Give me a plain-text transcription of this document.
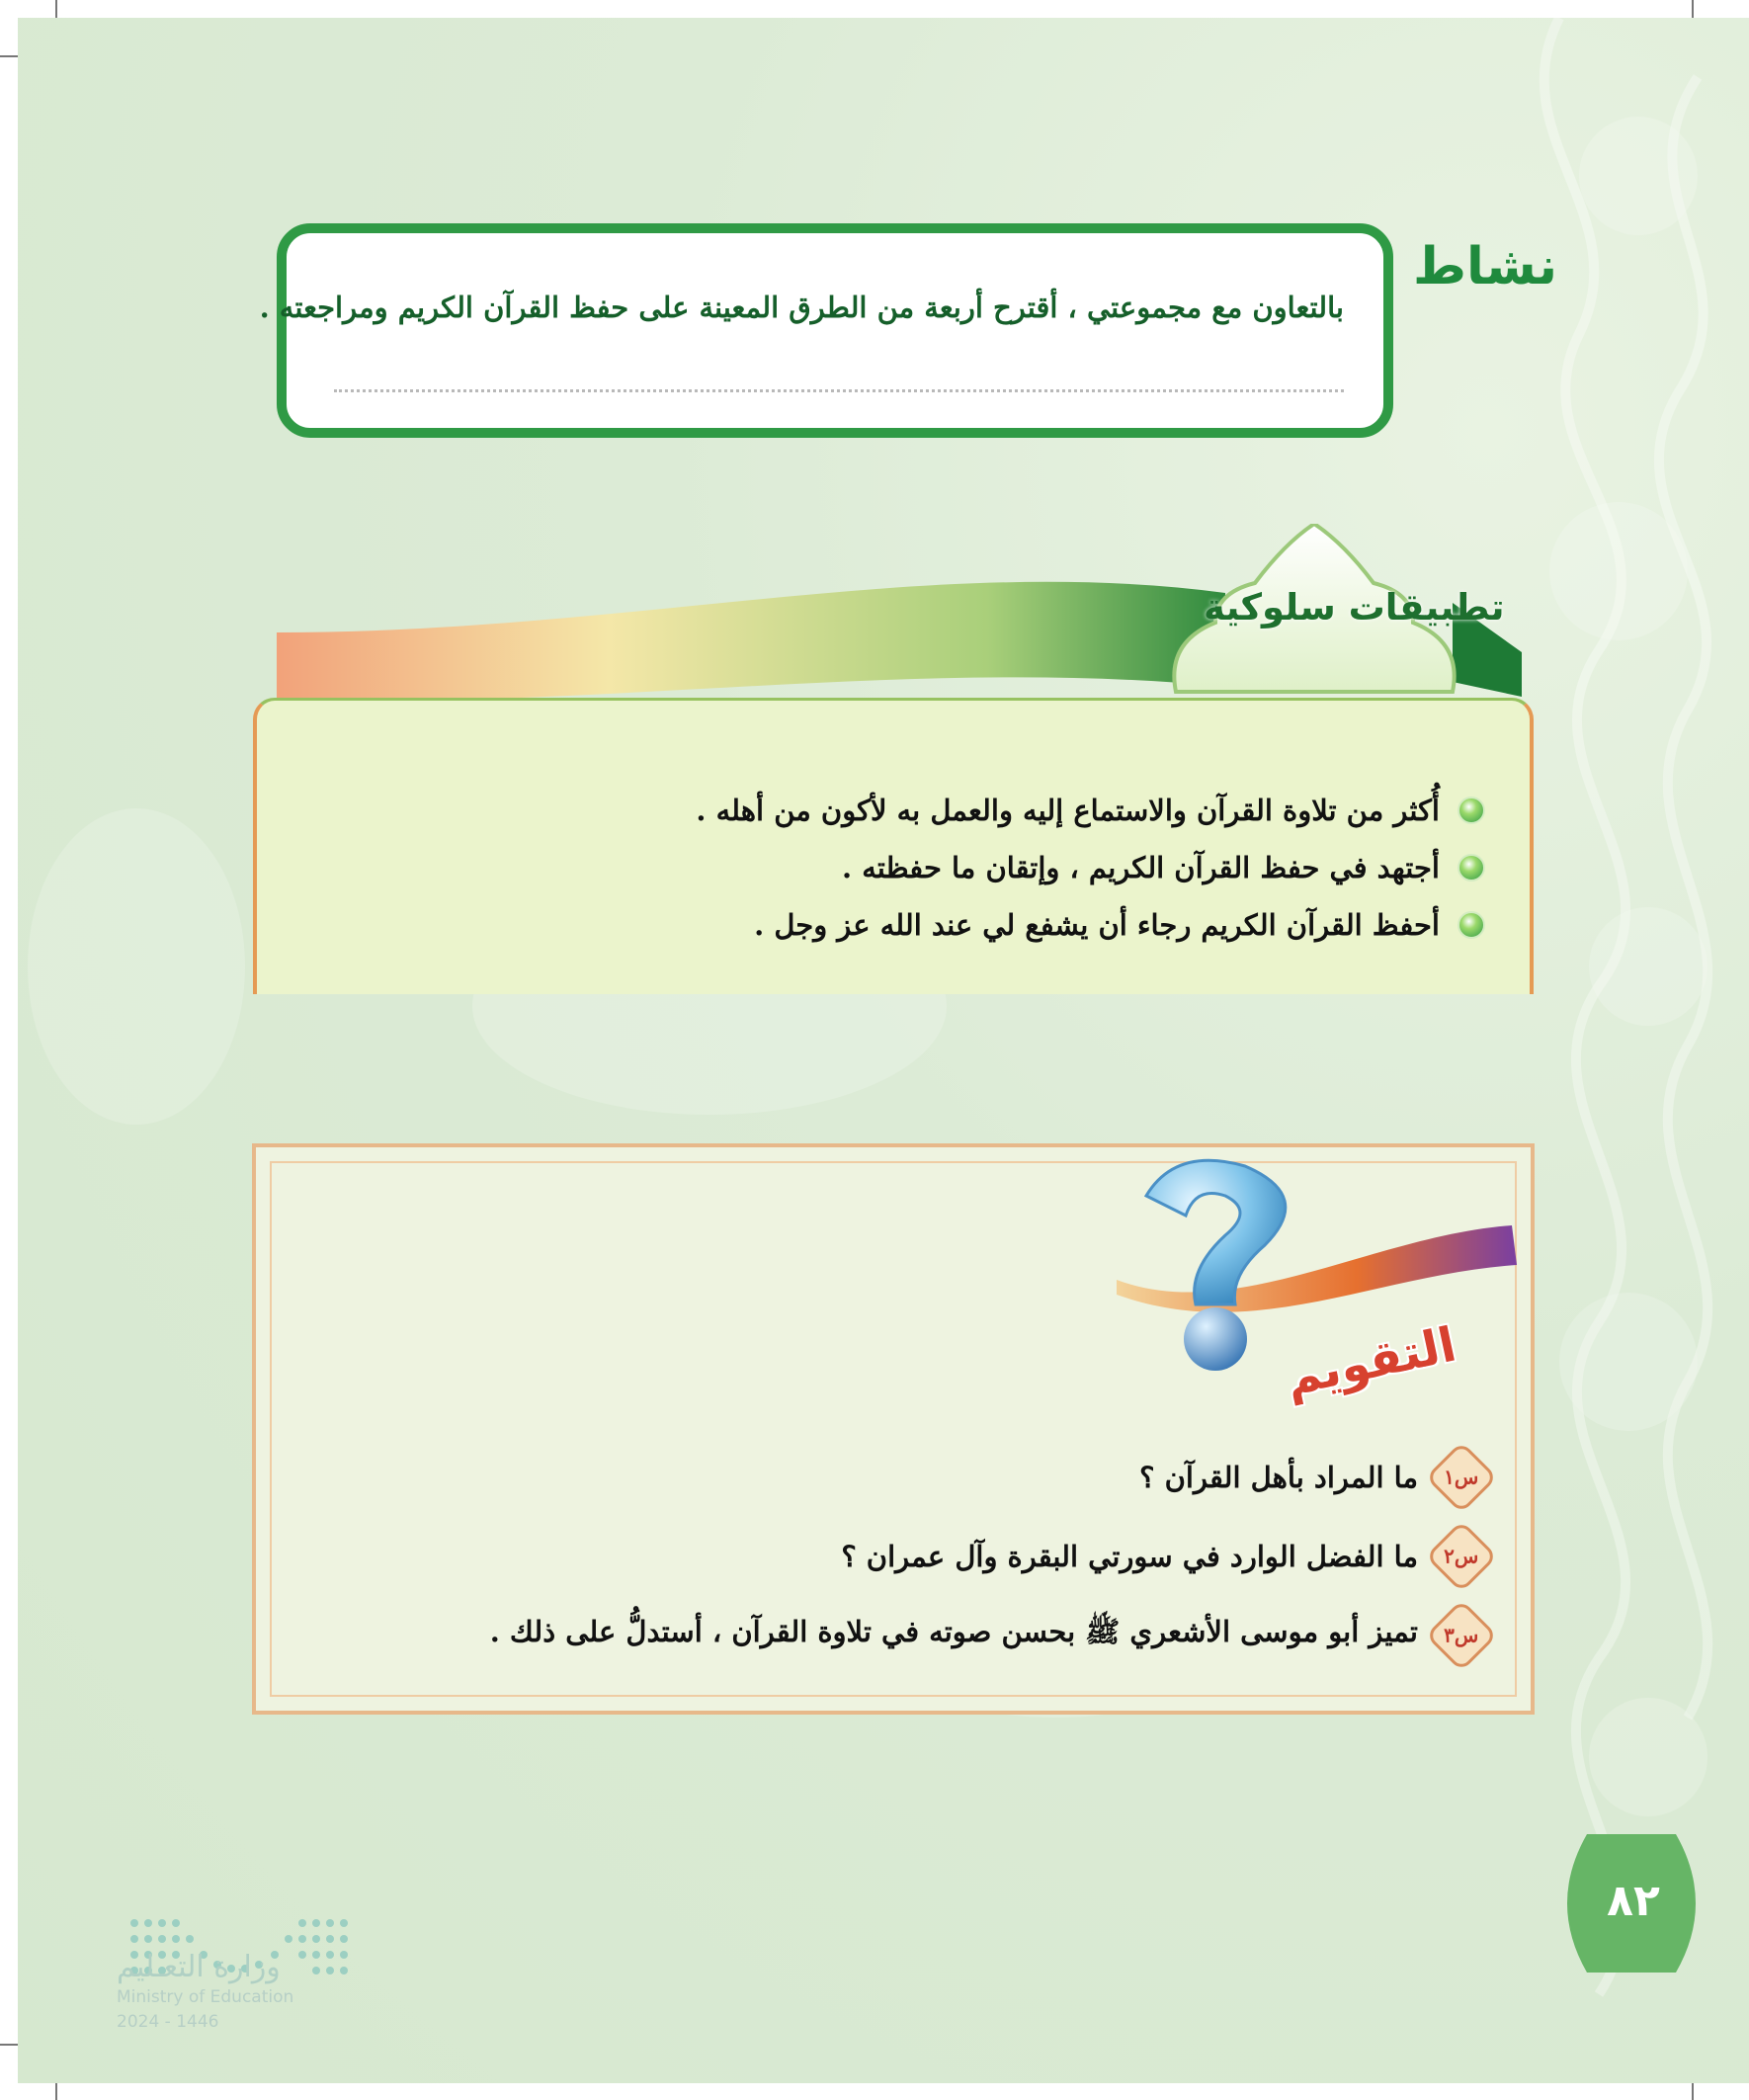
٨٢
وزارة التعـليم
Ministry of Education
2024 - 1446
نشاط
بالتعاون مع مجموعتي ، أقترح أربعة من الطرق المعينة على حفظ القرآن الكريم ومراجعته .
تطبيقات سلوكية
أُكثر من تلاوة القرآن والاستماع إليه والعمل به لأكون من أهله .
أجتهد في حفظ القرآن الكريم ، وإتقان ما حفظته .
أحفظ القرآن الكريم رجاء أن يشفع لي عند الله عز وجل .
التقويم
س١
ما المراد بأهل القرآن ؟
س٢
ما الفضل الوارد في سورتي البقرة وآل عمران ؟
س٣
تميز أبو موسى الأشعري ﷺ بحسن صوته في تلاوة القرآن ، أستدلُّ على ذلك .
